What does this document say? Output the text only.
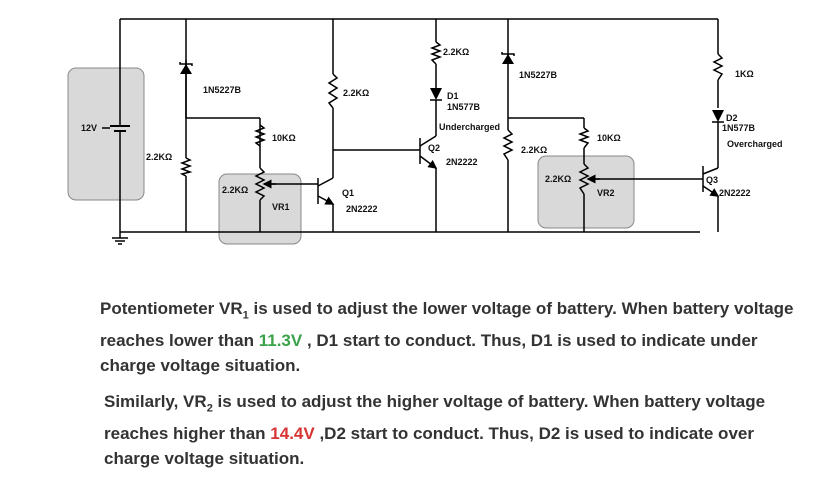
12V
2.2KΩ
1N5227B
10KΩ
2.2KΩ
VR1
2.2KΩ
Q1
2N2222
2.2KΩ
D1
1N577B
Undercharged
Q2
2N2222
1N5227B
2.2KΩ
10KΩ
2.2KΩ
VR2
1KΩ
D2
1N577B
Overcharged
Q3
2N2222
Potentiometer $VR_1$ is used to adjust the lower voltage of battery. When battery voltage reaches lower than 11.3V , D1 start to conduct. Thus, D1 is used to indicate under charge voltage situation.
Similarly, $VR_2$ is used to adjust the higher voltage of battery. When battery voltage reaches higher than 14.4V ,D2 start to conduct. Thus, D2 is used to indicate over charge voltage situation.
